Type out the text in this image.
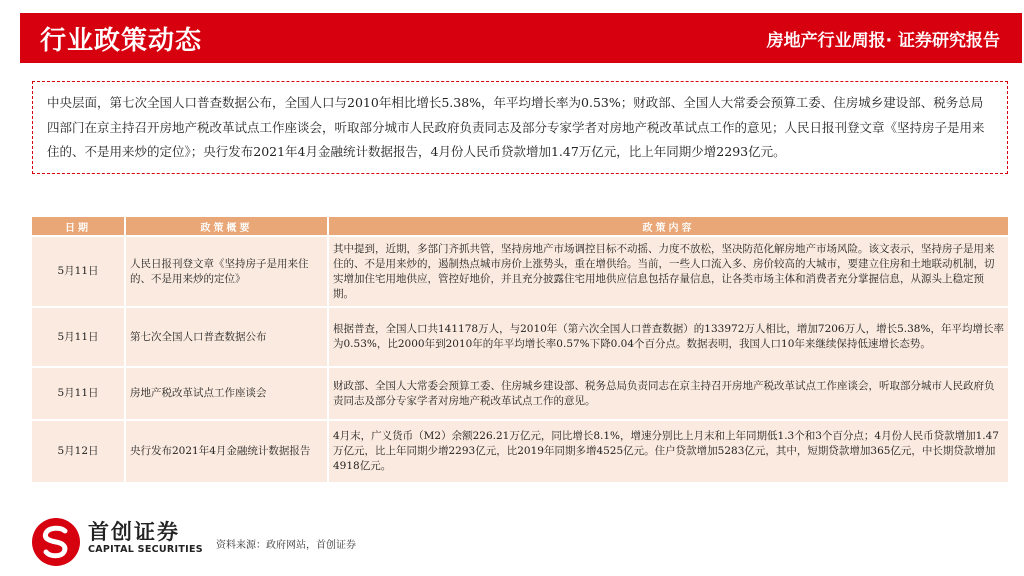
行业政策动态	房地产行业周报· 证券研究报告
中央层面，第七次全国人口普查数据公布，全国人口与2010年相比增长5.38%，年平均增长率为0.53%；财政部、全国人大常委会预算工委、住房城乡建设部、税务总局四部门在京主持召开房地产税改革试点工作座谈会，听取部分城市人民政府负责同志及部分专家学者对房地产税改革试点工作的意见；人民日报刊登文章《坚持房子是用来住的、不是用来炒的定位》；央行发布2021年4月金融统计数据报告，4月份人民币贷款增加1.47万亿元，比上年同期少增2293亿元。
日期	政策概要	政策内容
5月11日	人民日报刊登文章《坚持房子是用来住的、不是用来炒的定位》	其中提到，近期，多部门齐抓共管，坚持房地产市场调控目标不动摇、力度不放松，坚决防范化解房地产市场风险。该文表示，坚持房子是用来住的、不是用来炒的，遏制热点城市房价上涨势头，重在增供给。当前，一些人口流入多、房价较高的大城市，要建立住房和土地联动机制，切实增加住宅用地供应，管控好地价，并且充分披露住宅用地供应信息包括存量信息，让各类市场主体和消费者充分掌握信息，从源头上稳定预期。
5月11日	第七次全国人口普查数据公布	根据普查，全国人口共141178万人，与2010年（第六次全国人口普查数据）的133972万人相比，增加7206万人，增长5.38%，年平均增长率为0.53%，比2000年到2010年的年平均增长率0.57%下降0.04个百分点。数据表明，我国人口10年来继续保持低速增长态势。
5月11日	房地产税改革试点工作座谈会	财政部、全国人大常委会预算工委、住房城乡建设部、税务总局负责同志在京主持召开房地产税改革试点工作座谈会，听取部分城市人民政府负责同志及部分专家学者对房地产税改革试点工作的意见。
5月12日	央行发布2021年4月金融统计数据报告	4月末，广义货币（M2）余额226.21万亿元，同比增长8.1%，增速分别比上月末和上年同期低1.3个和3个百分点；4月份人民币贷款增加1.47万亿元，比上年同期少增2293亿元，比2019年同期多增4525亿元。住户贷款增加5283亿元，其中，短期贷款增加365亿元，中长期贷款增加4918亿元。
首创证券
CAPITAL SECURITIES 资料来源：政府网站，首创证券
